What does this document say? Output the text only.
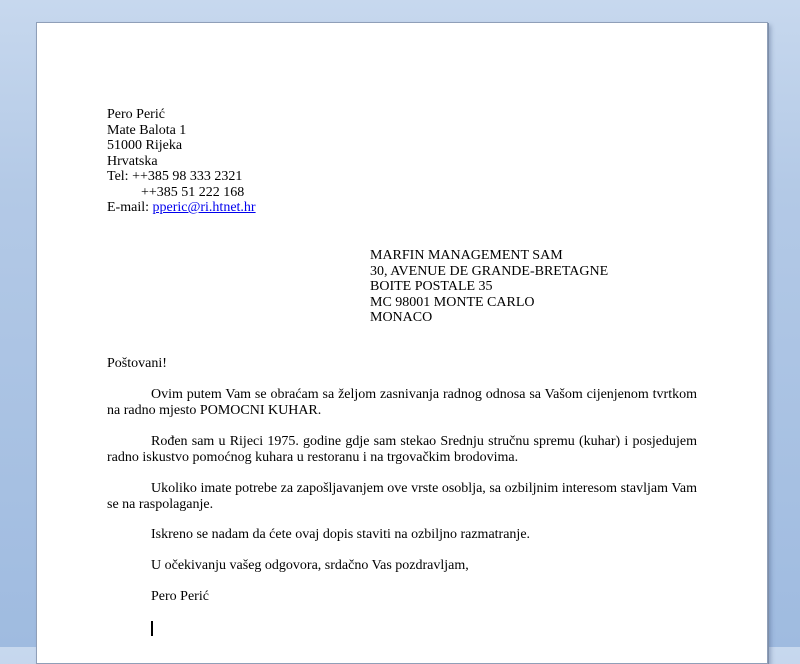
Pero Perić
Mate Balota 1
51000 Rijeka
Hrvatska
Tel: ++385 98 333 2321
++385 51 222 168
E-mail: pperic@ri.htnet.hr
MARFIN MANAGEMENT SAM
30, AVENUE DE GRANDE-BRETAGNE
BOITE POSTALE 35
MC 98001 MONTE CARLO
MONACO
Poštovani!

Ovim putem Vam se obraćam sa željom zasnivanja radnog odnosa sa Vašom cijenjenom tvrtkom na radno mjesto POMOCNI KUHAR.

Rođen sam u Rijeci 1975. godine gdje sam stekao Srednju stručnu spremu (kuhar) i posjedujem radno iskustvo pomoćnog kuhara u restoranu i na trgovačkim brodovima.

Ukoliko imate potrebe za zapošljavanjem ove vrste osoblja, sa ozbiljnim interesom stavljam Vam se na raspolaganje.

Iskreno se nadam da ćete ovaj dopis staviti na ozbiljno razmatranje.

U očekivanju vašeg odgovora, srdačno Vas pozdravljam,

Pero Perić
